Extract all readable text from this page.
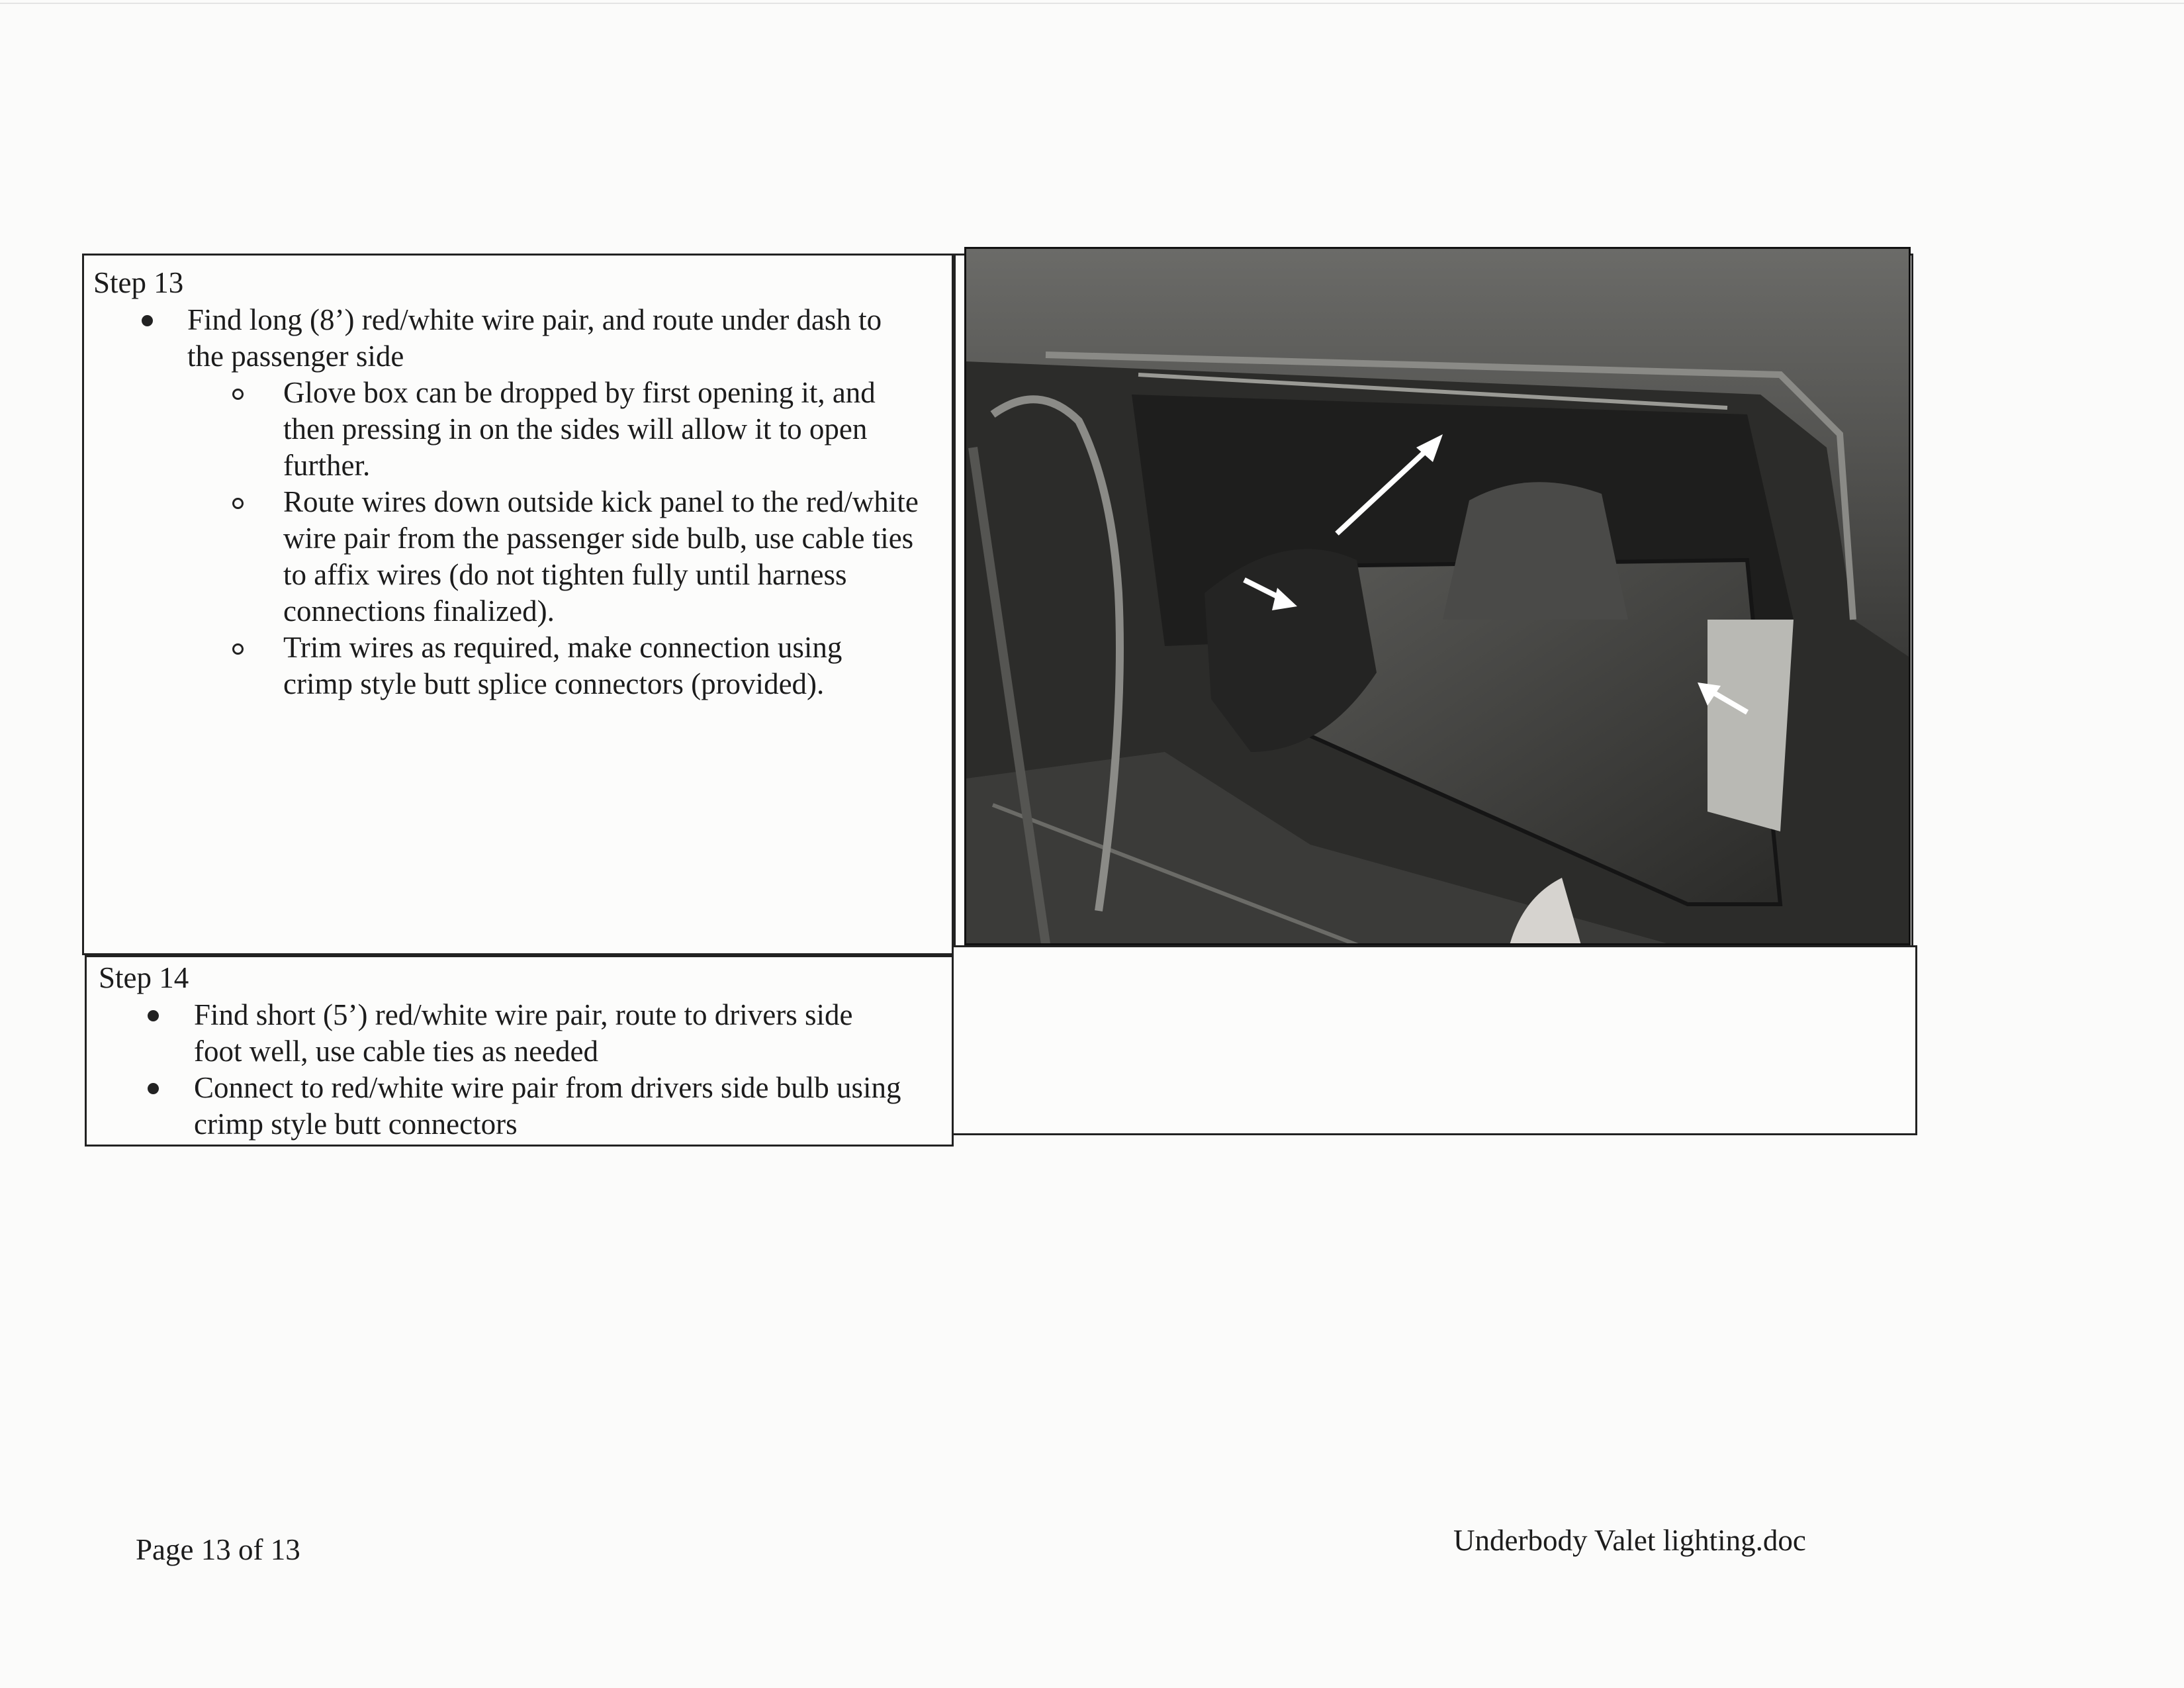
Step 13
Find long (8’) red/white wire pair, and route under dash to the passenger side
Glove box can be dropped by first opening it, and then pressing in on the sides will allow it to open further.
Route wires down outside kick panel to the red/white wire pair from the passenger side bulb, use cable ties to affix wires (do not tighten fully until harness connections finalized).
Trim wires as required, make connection using crimp style butt splice connectors (provided).
Step 14
Find short (5’) red/white wire pair, route to drivers side foot well, use cable ties as needed
Connect to red/white wire pair from drivers side bulb using crimp style butt connectors
Page 13 of 13	Underbody Valet lighting.doc
